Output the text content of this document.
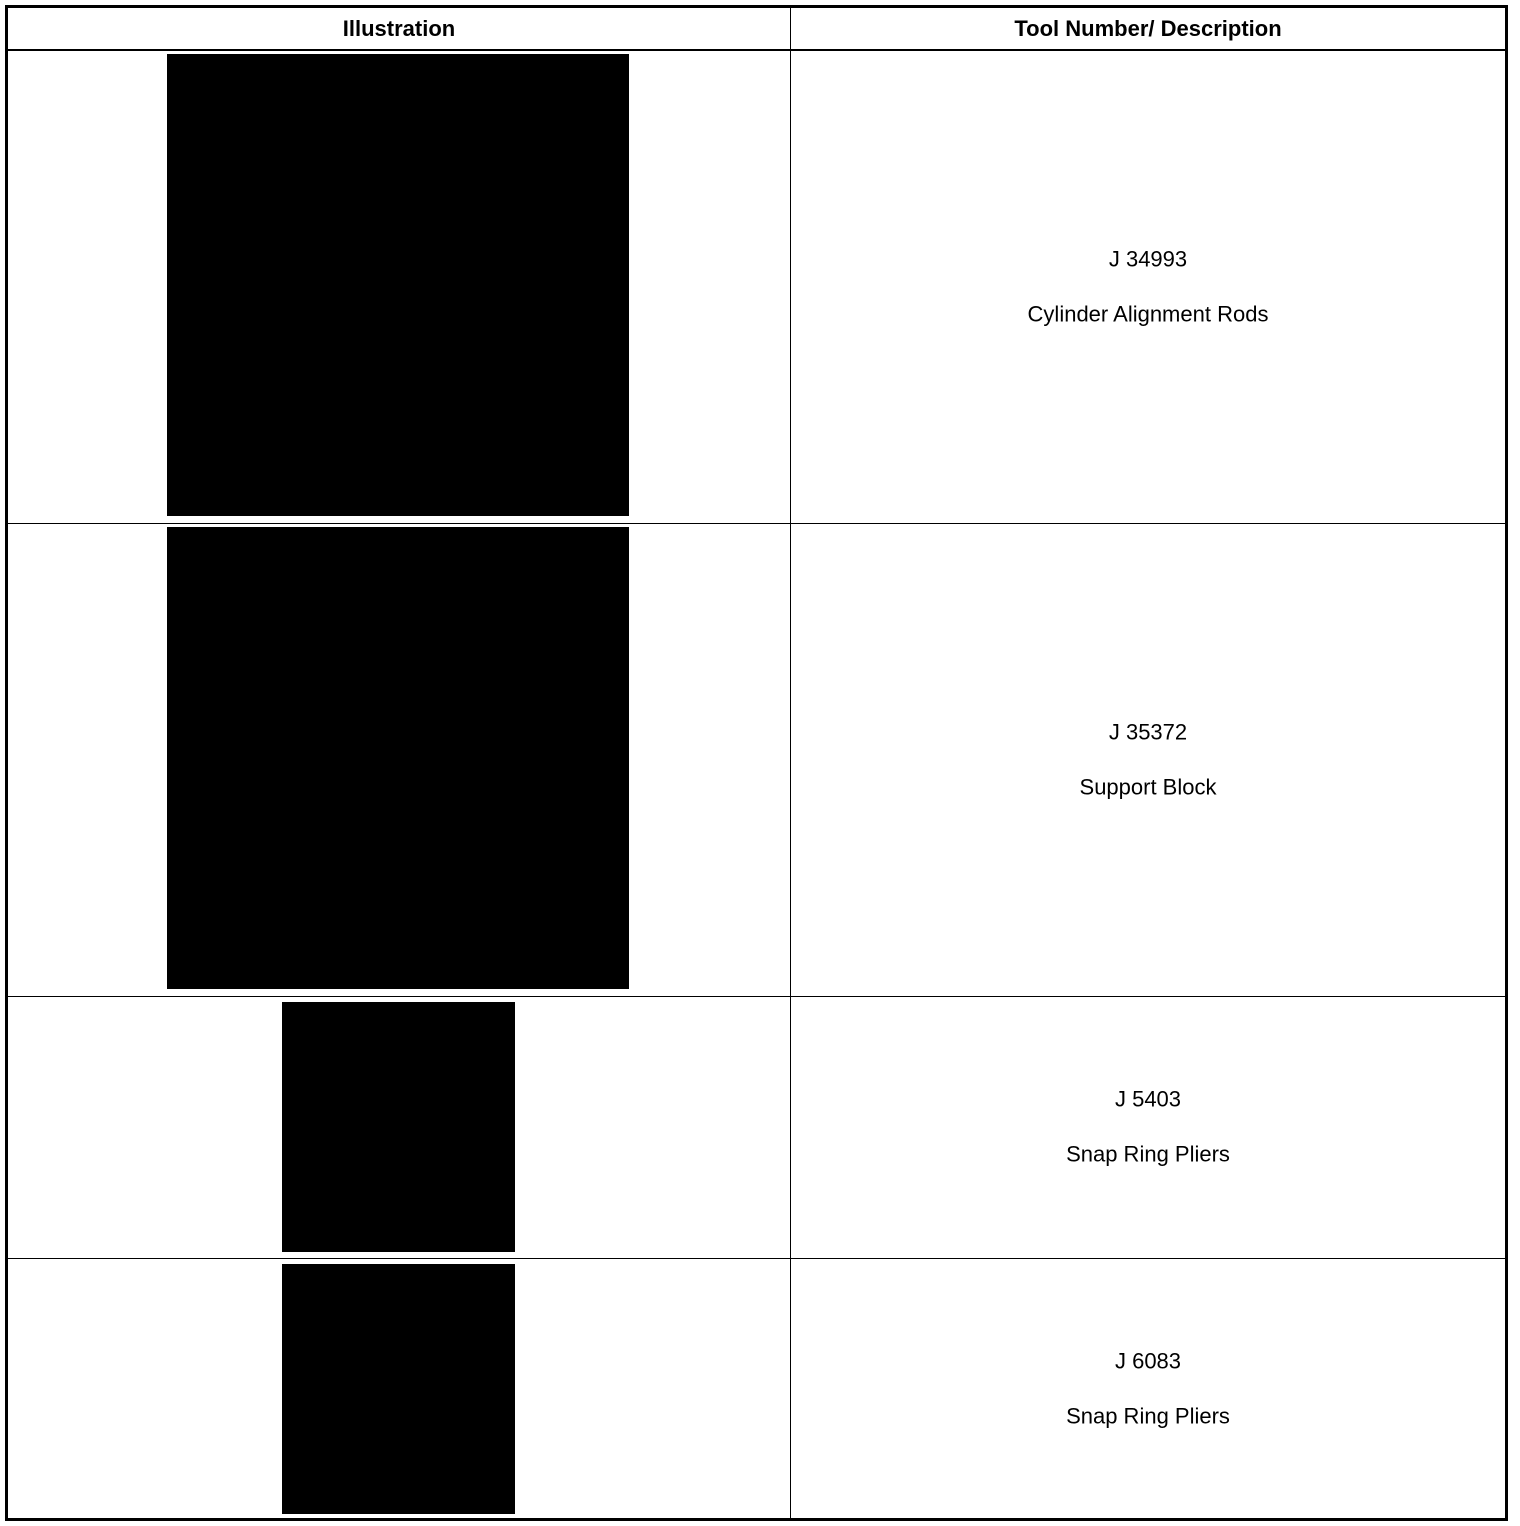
Illustration	Tool Number/ Description
J 34993
Cylinder Alignment Rods
J 35372
Support Block
J 5403
Snap Ring Pliers
J 6083
Snap Ring Pliers
